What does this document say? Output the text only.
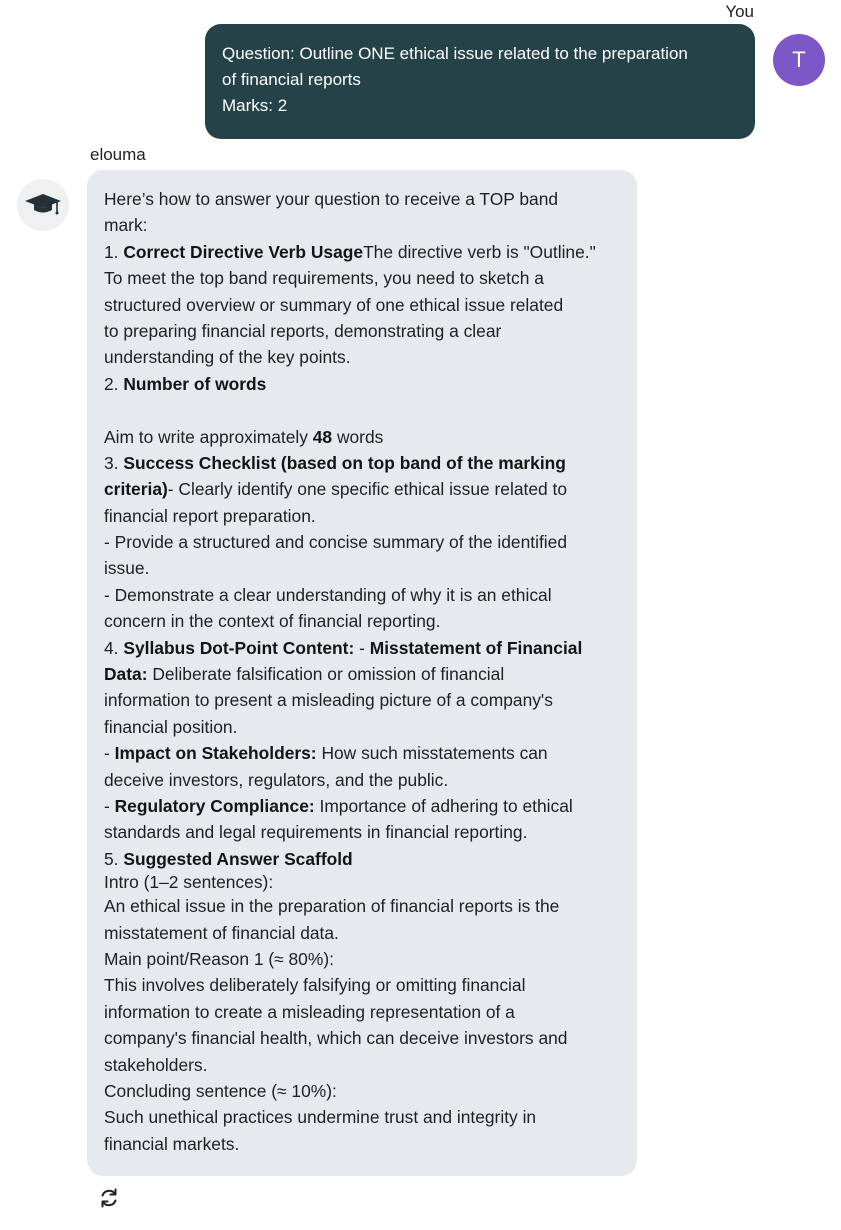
You
T
Question: Outline ONE ethical issue related to the preparation
of financial reports
Marks: 2
elouma
Here’s how to answer your question to receive a TOP band
mark:
1. Correct Directive Verb UsageThe directive verb is "Outline."
To meet the top band requirements, you need to sketch a
structured overview or summary of one ethical issue related
to preparing financial reports, demonstrating a clear
understanding of the key points.
2. Number of words
Aim to write approximately 48 words
3. Success Checklist (based on top band of the marking
criteria)- Clearly identify one specific ethical issue related to
financial report preparation.
- Provide a structured and concise summary of the identified
issue.
- Demonstrate a clear understanding of why it is an ethical
concern in the context of financial reporting.
4. Syllabus Dot-Point Content: - Misstatement of Financial
Data: Deliberate falsification or omission of financial
information to present a misleading picture of a company's
financial position.
- Impact on Stakeholders: How such misstatements can
deceive investors, regulators, and the public.
- Regulatory Compliance: Importance of adhering to ethical
standards and legal requirements in financial reporting.
5. Suggested Answer Scaffold
Intro (1–2 sentences):
An ethical issue in the preparation of financial reports is the
misstatement of financial data.
Main point/Reason 1 (≈ 80%):
This involves deliberately falsifying or omitting financial
information to create a misleading representation of a
company's financial health, which can deceive investors and
stakeholders.
Concluding sentence (≈ 10%):
Such unethical practices undermine trust and integrity in
financial markets.
